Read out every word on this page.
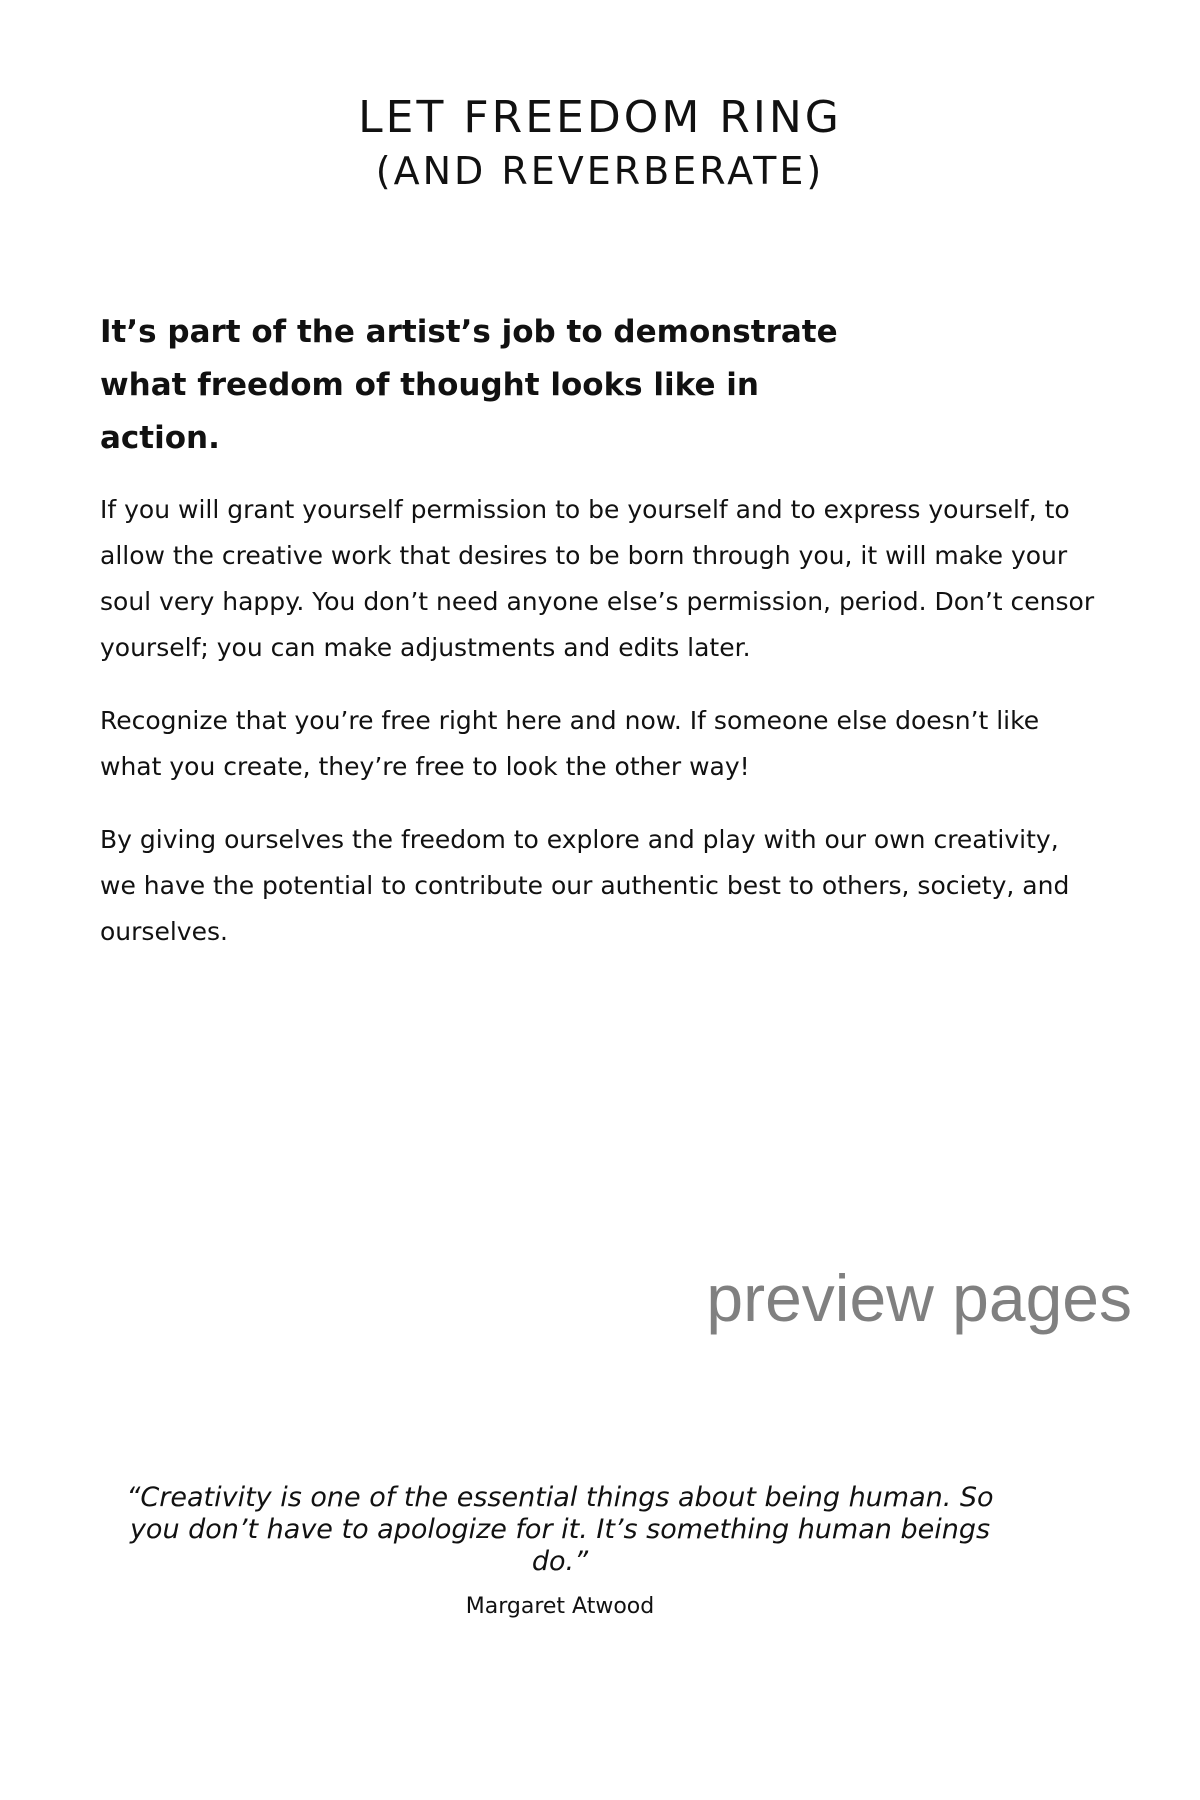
LET FREEDOM RING
(AND REVERBERATE)

It’s part of the artist’s job to demonstrate what freedom of thought looks like in action.

If you will grant yourself permission to be yourself and to express yourself, to allow the creative work that desires to be born through you, it will make your soul very happy. You don’t need anyone else’s permission, period. Don’t censor yourself; you can make adjustments and edits later.

Recognize that you’re free right here and now. If someone else doesn’t like what you create, they’re free to look the other way!

By giving ourselves the freedom to explore and play with our own creativity, we have the potential to contribute our authentic best to others, society, and ourselves.

preview pages
“Creativity is one of the essential things about being human. So you don’t have to apologize for it. It’s something human beings do.”
Margaret Atwood
